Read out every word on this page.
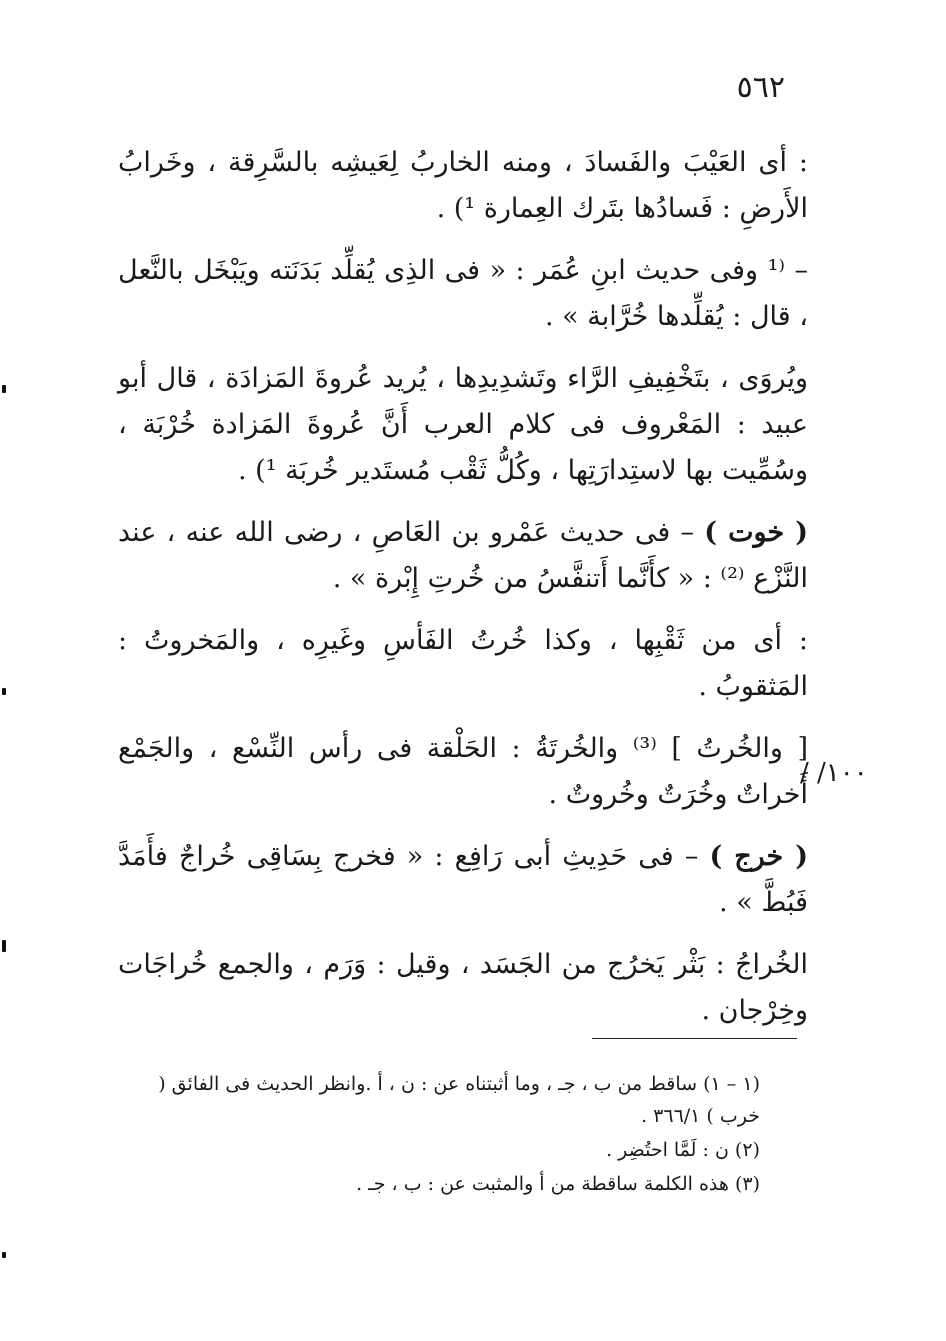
٥٦٢

: أى العَيْبَ والفَسادَ ، ومنه الخاربُ لِعَيشِه بالسَّرِقة ، وخَرابُ الأَرضِ : فَسادُها بتَرك العِمارة ¹) .

– ⁽¹ وفى حديث ابنِ عُمَر : « فى الذِى يُقلِّد بَدَنَته ويَبْخَل بالنَّعل ، قال : يُقلِّدها خُرَّابة » .

ويُروَى ، بتَخْفِيفِ الرَّاء وتَشدِيدِها ، يُريد عُروةَ المَزادَة ، قال أبو عبيد : المَعْروف فى كلام العرب أَنَّ عُروةَ المَزادة خُرْبَة ، وسُمِّيت بها لاستِدارَتِها ، وكُلُّ ثَقْب مُستَدير خُربَة ¹) .

( خوت ) – فى حديث عَمْرو بن العَاصِ ، رضى الله عنه ، عند النَّزْع ⁽²⁾ : « كأَنَّما أَتنفَّسُ من خُرتِ إِبْرة » .

: أى من ثَقْبِها ، وكذا خُرتُ الفَأسِ وغَيرِه ، والمَخروتُ : المَثقوبُ .

[ والخُرتُ ] ⁽³⁾ والخُرتَةُ : الحَلْقة فى رأس النِّسْع ، والجَمْع أَخراتٌ وخُرَتٌ وخُروتٌ .

( خرج ) – فى حَدِيثِ أبى رَافِع : « فخرج بِسَاقِى خُراجٌ فأَمَدَّ فَبُطَّ » .

الخُراجُ : بَثْر يَخرُج من الجَسَد ، وقيل : وَرَم ، والجمع خُراجَات وخِرْجان .

١٠٠/ /

(١ – ١) ساقط من ب ، جـ ، وما أثبتناه عن : ن ، أ .وانظر الحديث فى الفائق ( خرب ) ٣٦٦/١ .

(٢) ن : لَمَّا احتُضِر .

(٣) هذه الكلمة ساقطة من أ والمثبت عن : ب ، جـ .
